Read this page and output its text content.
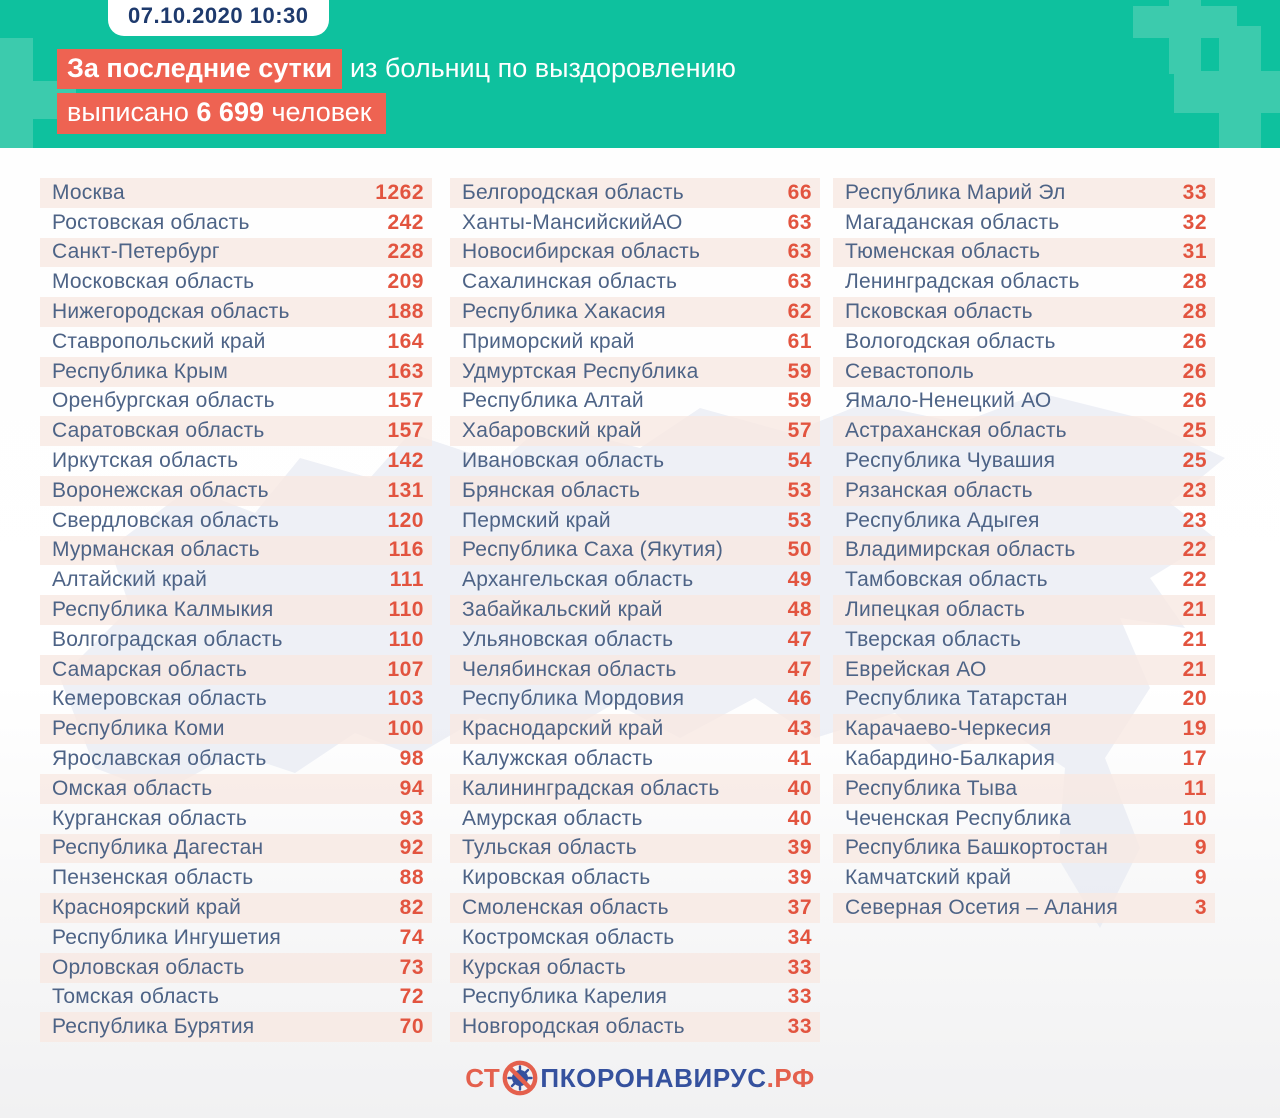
07.10.2020 10:30
За последние сутки из больниц по выздоровлению
выписано 6 699 человек
Москва	1262
Ростовская область	242
Санкт-Петербург	228
Московская область	209
Нижегородская область	188
Ставропольский край	164
Республика Крым	163
Оренбургская область	157
Саратовская область	157
Иркутская область	142
Воронежская область	131
Свердловская область	120
Мурманская область	116
Алтайский край	111
Республика Калмыкия	110
Волгоградская область	110
Самарская область	107
Кемеровская область	103
Республика Коми	100
Ярославская область	98
Омская область	94
Курганская область	93
Республика Дагестан	92
Пензенская область	88
Красноярский край	82
Республика Ингушетия	74
Орловская область	73
Томская область	72
Республика Бурятия	70
Белгородская область	66
Ханты-МансийскийАО	63
Новосибирская область	63
Сахалинская область	63
Республика Хакасия	62
Приморский край	61
Удмуртская Республика	59
Республика Алтай	59
Хабаровский край	57
Ивановская область	54
Брянская область	53
Пермский край	53
Республика Саха (Якутия)	50
Архангельская область	49
Забайкальский край	48
Ульяновская область	47
Челябинская область	47
Республика Мордовия	46
Краснодарский край	43
Калужская область	41
Калининградская область	40
Амурская область	40
Тульская область	39
Кировская область	39
Смоленская область	37
Костромская область	34
Курская область	33
Республика Карелия	33
Новгородская область	33
Республика Марий Эл	33
Магаданская область	32
Тюменская область	31
Ленинградская область	28
Псковская область	28
Вологодская область	26
Севастополь	26
Ямало-Ненецкий АО	26
Астраханская область	25
Республика Чувашия	25
Рязанская область	23
Республика Адыгея	23
Владимирская область	22
Тамбовская область	22
Липецкая область	21
Тверская область	21
Еврейская АО	21
Республика Татарстан	20
Карачаево-Черкесия	19
Кабардино-Балкария	17
Республика Тыва	11
Чеченская Республика	10
Республика Башкортостан	9
Камчатский край	9
Северная Осетия – Алания	3
СТ ПКОРОНАВИРУС .РФ
